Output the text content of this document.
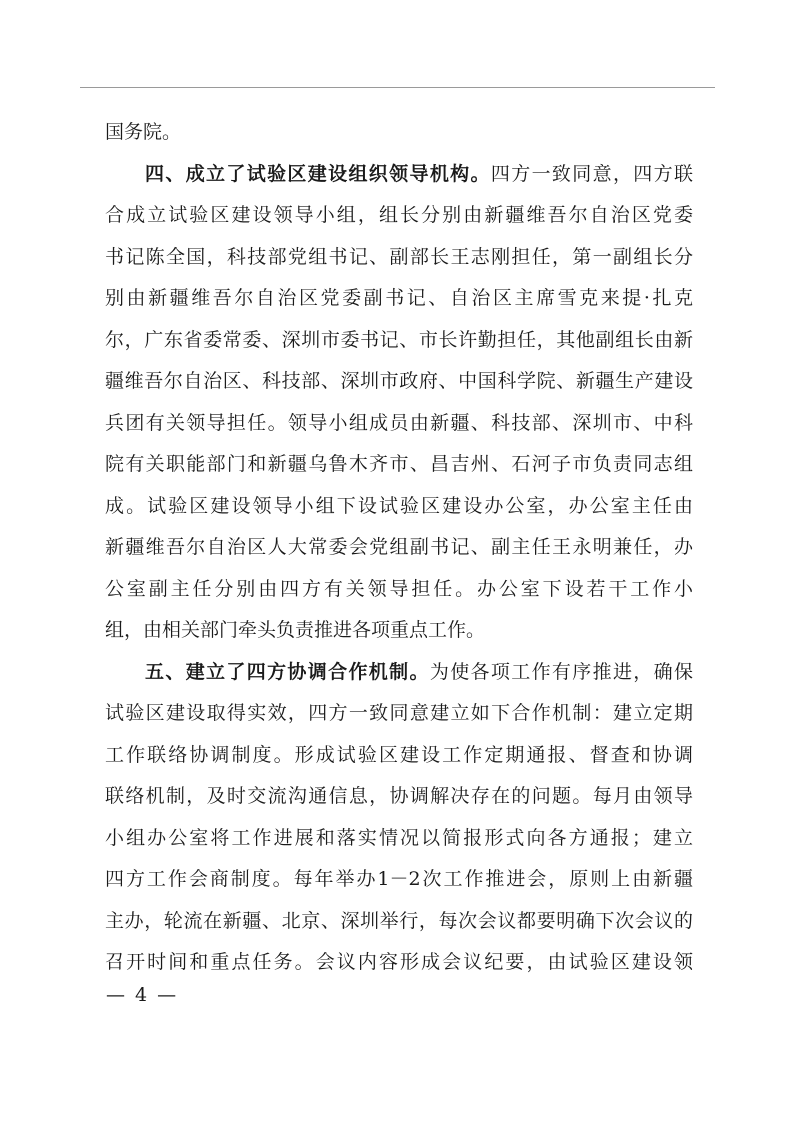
国务院。
四、成立了试验区建设组织领导机构。四方一致同意，四方联
合成立试验区建设领导小组，组长分别由新疆维吾尔自治区党委
书记陈全国，科技部党组书记、副部长王志刚担任，第一副组长分
别由新疆维吾尔自治区党委副书记、自治区主席雪克来提·扎克
尔，广东省委常委、深圳市委书记、市长许勤担任，其他副组长由新
疆维吾尔自治区、科技部、深圳市政府、中国科学院、新疆生产建设
兵团有关领导担任。领导小组成员由新疆、科技部、深圳市、中科
院有关职能部门和新疆乌鲁木齐市、昌吉州、石河子市负责同志组
成。试验区建设领导小组下设试验区建设办公室，办公室主任由
新疆维吾尔自治区人大常委会党组副书记、副主任王永明兼任，办
公室副主任分别由四方有关领导担任。办公室下设若干工作小
组，由相关部门牵头负责推进各项重点工作。
五、建立了四方协调合作机制。为使各项工作有序推进，确保
试验区建设取得实效，四方一致同意建立如下合作机制：建立定期
工作联络协调制度。形成试验区建设工作定期通报、督查和协调
联络机制，及时交流沟通信息，协调解决存在的问题。每月由领导
小组办公室将工作进展和落实情况以简报形式向各方通报；建立
四方工作会商制度。每年举办1－2次工作推进会，原则上由新疆
主办，轮流在新疆、北京、深圳举行，每次会议都要明确下次会议的
召开时间和重点任务。会议内容形成会议纪要，由试验区建设领
— 4 —
